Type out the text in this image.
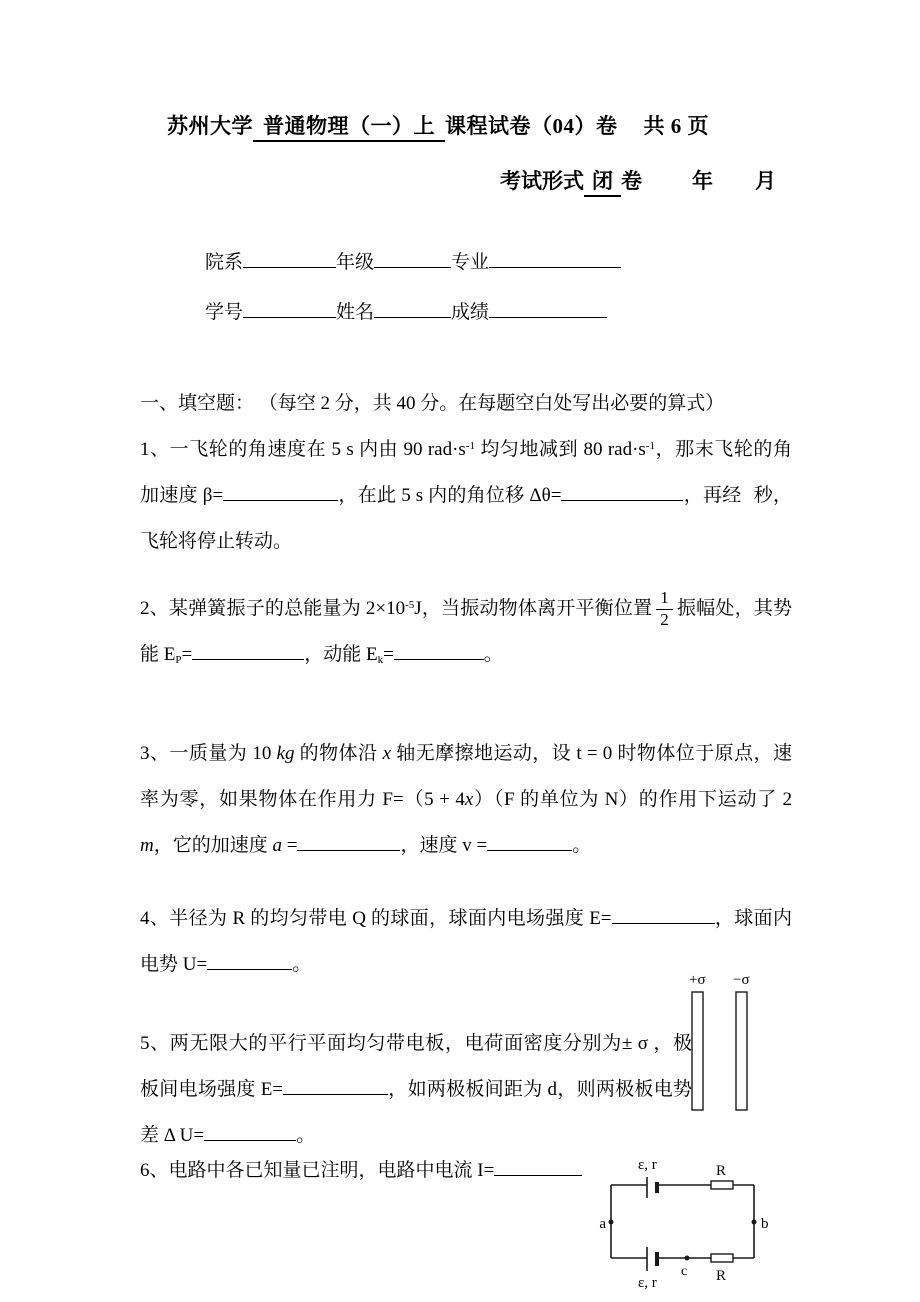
苏州大学 普通物理（一）上 课程试卷（04）卷 共 6 页
考试形式 闭 卷 年 月
院系	年级	专业
学号	姓名	成绩
一、填空题： （每空 2 分，共 40 分。在每题空白处写出必要的算式）
1、一飞轮的角速度在 5 s 内由 90 $rad\cdot s^{-1}$ 均匀地减到 80 $rad\cdot s^{-1}$，那末飞轮的角加速度 β=	，在此 5 s 内的角位移 Δθ=	，再经 秒，飞轮将停止转动。
2、某弹簧振子的总能量为 $2\times 10^{-5}J$，当振动物体离开平衡位置 $\frac{1}{2}$ 振幅处，其势能 $E_P=$	，动能 $E_k=$	。
3、一质量为 10 kg 的物体沿 x 轴无摩擦地运动，设 t = 0 时物体位于原点，速率为零，如果物体在作用力 F=（5 + 4x）（F 的单位为 N）的作用下运动了 2 m，它的加速度 a =	，速度 v =	。
4、半径为 R 的均匀带电 Q 的球面，球面内电场强度 E=	，球面内电势 U=	。
5、两无限大的平行平面均匀带电板，电荷面密度分别为± σ ，极板间电场强度 E=	，如两极板间距为 d，则两极板电势差 Δ U=	。
6、电路中各已知量已注明，电路中电流 I=
+σ −σ
ε, r	R
a	b
c
ε, r	R
